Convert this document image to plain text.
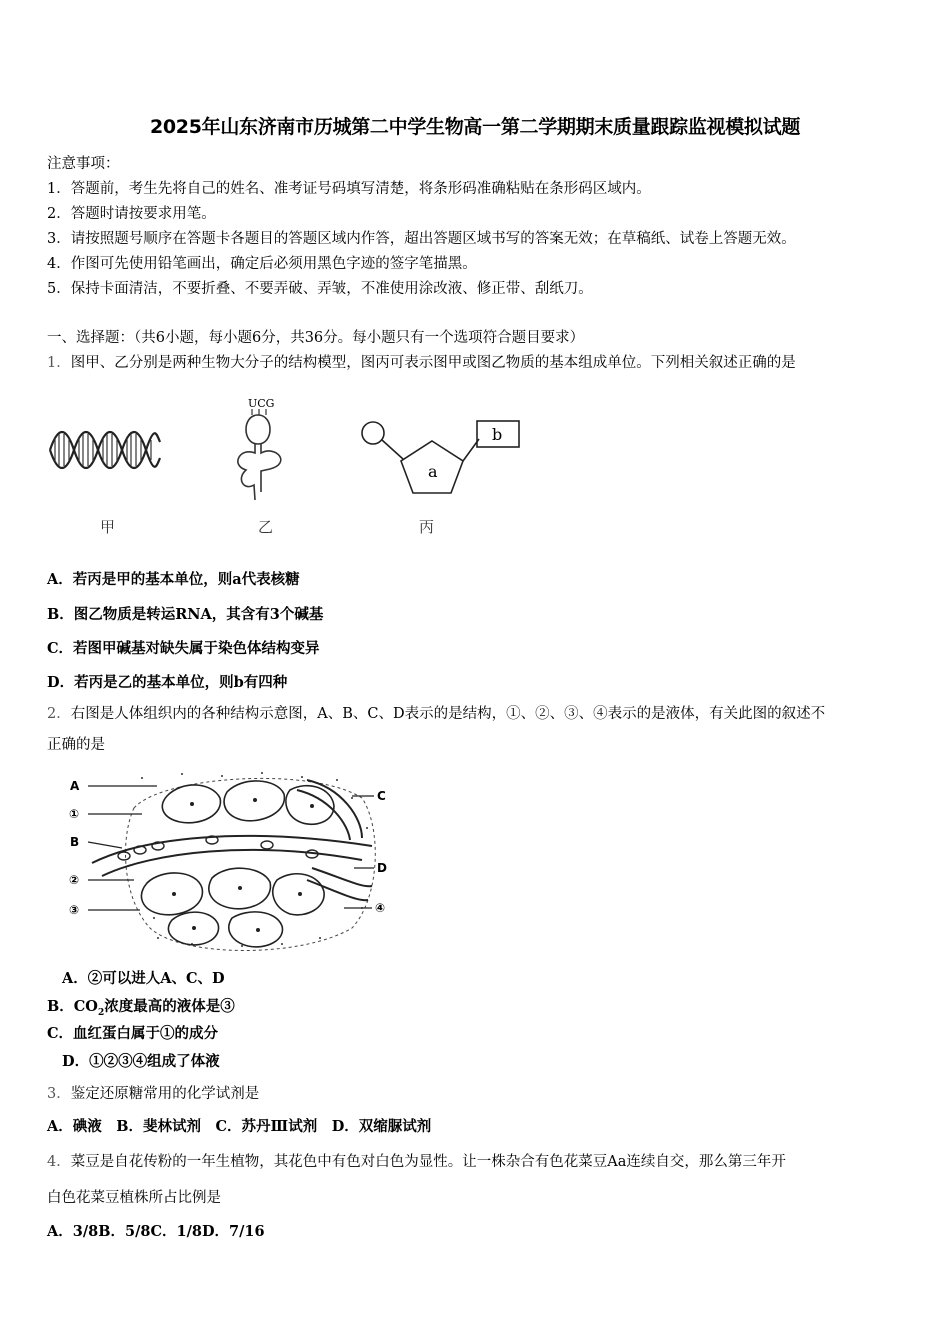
2025年山东济南市历城第二中学生物高一第二学期期末质量跟踪监视模拟试题
注意事项：
1．答题前，考生先将自己的姓名、准考证号码填写清楚，将条形码准确粘贴在条形码区域内。
2．答题时请按要求用笔。
3．请按照题号顺序在答题卡各题目的答题区域内作答，超出答题区域书写的答案无效；在草稿纸、试卷上答题无效。
4．作图可先使用铅笔画出，确定后必须用黑色字迹的签字笔描黑。
5．保持卡面清洁，不要折叠、不要弄破、弄皱，不准使用涂改液、修正带、刮纸刀。
一、选择题：（共6小题，每小题6分，共36分。每小题只有一个选项符合题目要求）
1．图甲、乙分别是两种生物大分子的结构模型，图丙可表示图甲或图乙物质的基本组成单位。下列相关叙述正确的是
甲
UCG
乙
a
b
丙
A．若丙是甲的基本单位，则a代表核糖
B．图乙物质是转运RNA，其含有3个碱基
C．若图甲碱基对缺失属于染色体结构变异
D．若丙是乙的基本单位，则b有四种
2．右图是人体组织内的各种结构示意图，A、B、C、D表示的是结构，①、②、③、④表示的是液体，有关此图的叙述不
正确的是
A
①
B
②
③
C
D
④
A．②可以进人A、C、D
B．$CO_2$浓度最高的液体是③
C．血红蛋白属于①的成分
D．①②③④组成了体液
3．鉴定还原糖常用的化学试剂是
A．碘液　B．斐林试剂　C．苏丹Ⅲ试剂　D．双缩脲试剂
4．菜豆是自花传粉的一年生植物，其花色中有色对白色为显性。让一株杂合有色花菜豆Aa连续自交，那么第三年开
白色花菜豆植株所占比例是
A．3/8B．5/8C．1/8D．7/16
